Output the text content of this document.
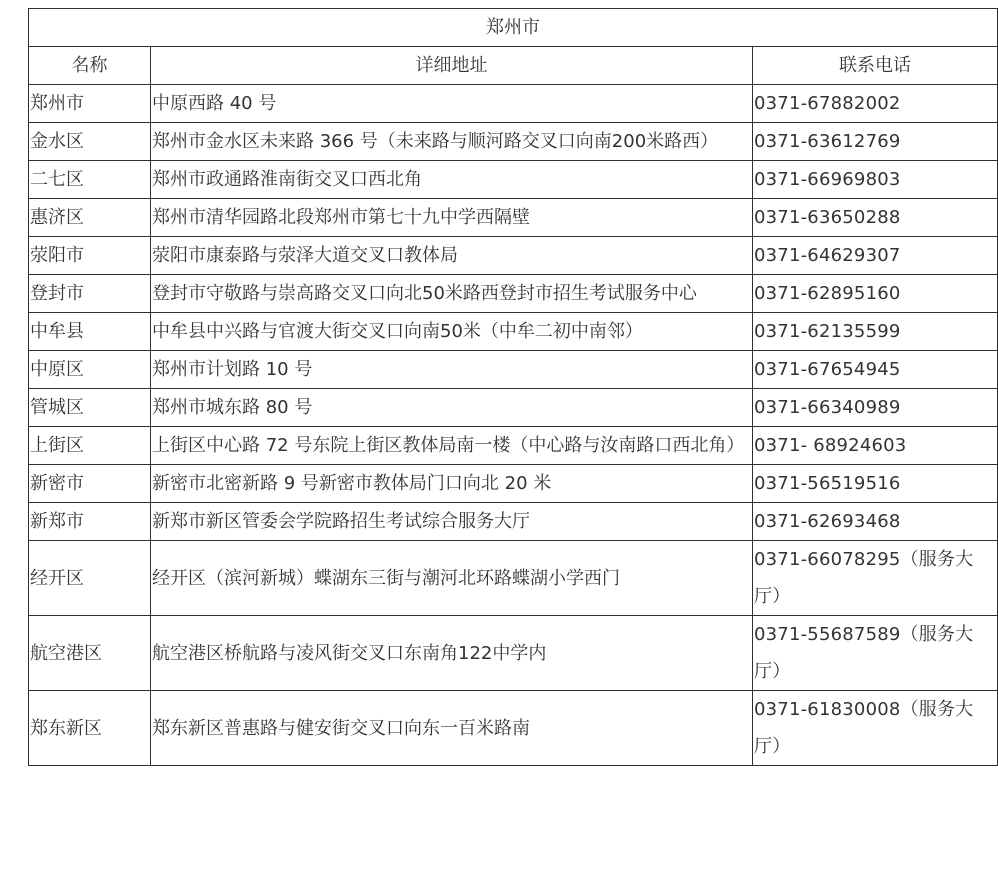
郑州市		
名称	详细地址	联系电话
郑州市	中原西路 40 号	0371-67882002
金水区	郑州市金水区未来路 366 号（未来路与顺河路交叉口向南200米路西）	0371-63612769
二七区	郑州市政通路淮南街交叉口西北角	0371-66969803
惠济区	郑州市清华园路北段郑州市第七十九中学西隔壁	0371-63650288
荥阳市	荥阳市康泰路与荥泽大道交叉口教体局	0371-64629307
登封市	登封市守敬路与崇高路交叉口向北50米路西登封市招生考试服务中心	0371-62895160
中牟县	中牟县中兴路与官渡大街交叉口向南50米（中牟二初中南邻）	0371-62135599
中原区	郑州市计划路 10 号	0371-67654945
管城区	郑州市城东路 80 号	0371-66340989
上街区	上街区中心路 72 号东院上街区教体局南一楼（中心路与汝南路口西北角）	0371- 68924603
新密市	新密市北密新路 9 号新密市教体局门口向北 20 米	0371-56519516
新郑市	新郑市新区管委会学院路招生考试综合服务大厅	0371-62693468
经开区	经开区（滨河新城）蝶湖东三街与潮河北环路蝶湖小学西门	0371-66078295（服务大厅）
航空港区	航空港区桥航路与凌风街交叉口东南角122中学内	0371-55687589（服务大厅）
郑东新区	郑东新区普惠路与健安街交叉口向东一百米路南	0371-61830008（服务大厅）
